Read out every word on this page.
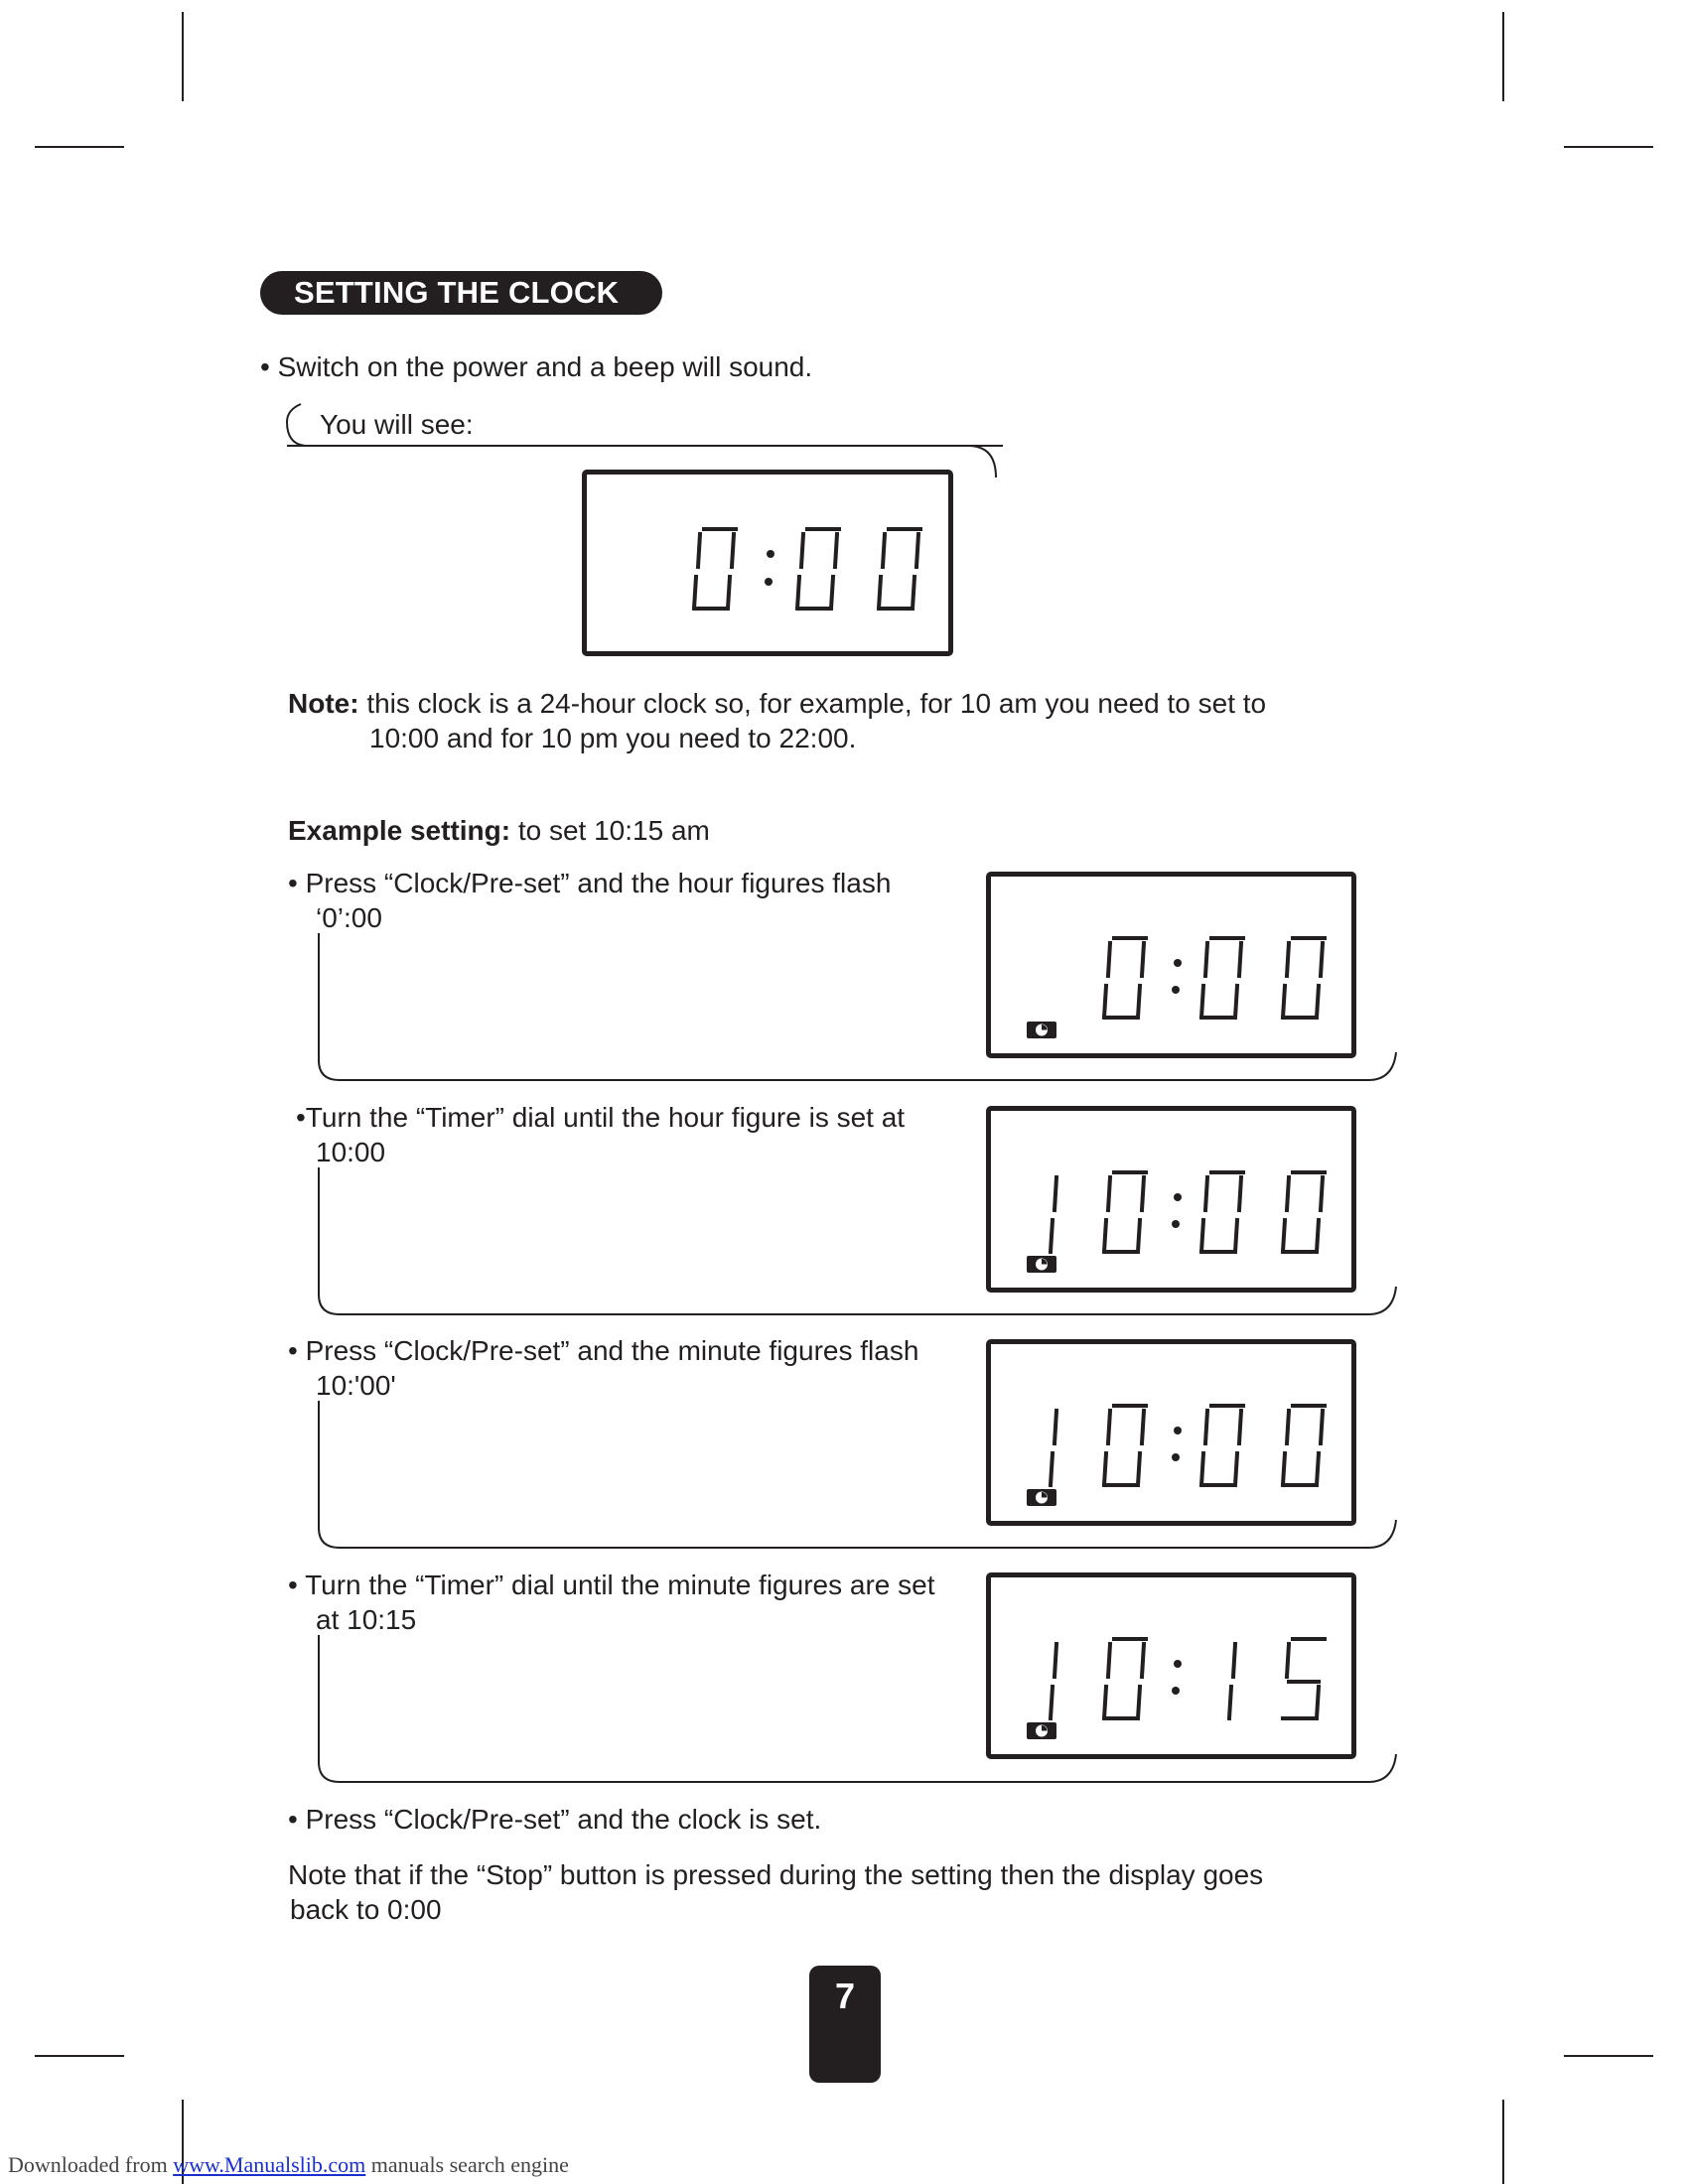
SETTING THE CLOCK
• Switch on the power and a beep will sound.
You will see:
Note: this clock is a 24-hour clock so, for example, for 10 am you need to set to
10:00 and for 10 pm you need to 22:00.
Example setting: to set 10:15 am
• Press “Clock/Pre-set” and the hour figures flash
‘0’:00
•Turn the “Timer” dial until the hour figure is set at
10:00
• Press “Clock/Pre-set” and the minute figures flash
10:'00'
• Turn the “Timer” dial until the minute figures are set
at 10:15
• Press “Clock/Pre-set” and the clock is set.
Note that if the “Stop” button is pressed during the setting then the display goes
back to 0:00
7
Downloaded from www.Manualslib.com manuals search engine
